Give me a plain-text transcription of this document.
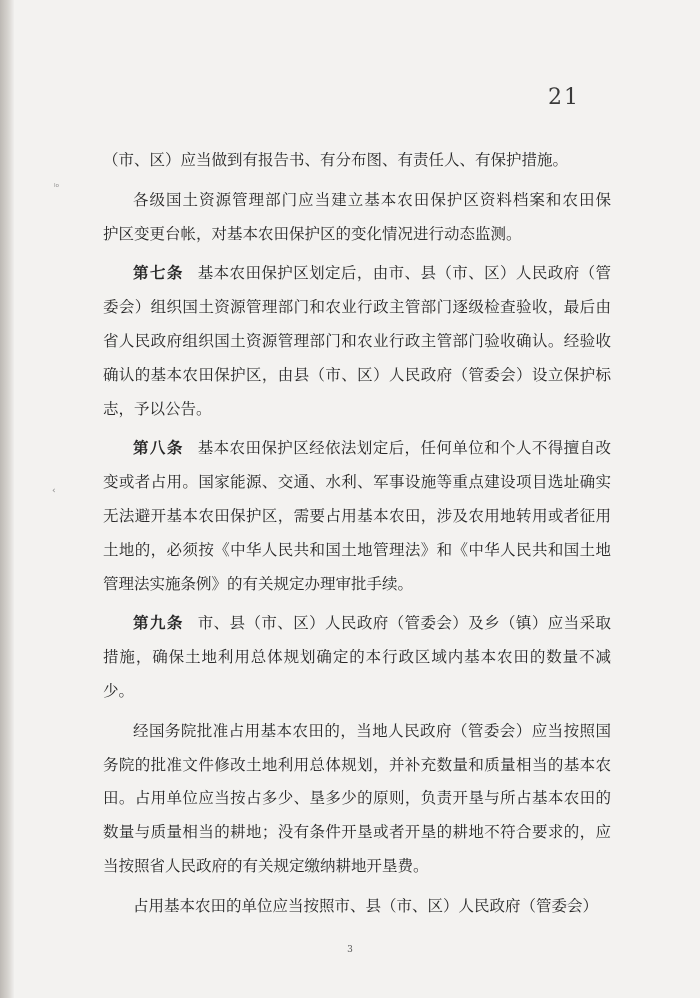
ₗₒ
‹
21
（市、区）应当做到有报告书、有分布图、有责任人、有保护措施。
各级国土资源管理部门应当建立基本农田保护区资料档案和农田保
护区变更台帐，对基本农田保护区的变化情况进行动态监测。
第七条 基本农田保护区划定后，由市、县（市、区）人民政府（管
委会）组织国土资源管理部门和农业行政主管部门逐级检查验收，最后由
省人民政府组织国土资源管理部门和农业行政主管部门验收确认。经验收
确认的基本农田保护区，由县（市、区）人民政府（管委会）设立保护标
志，予以公告。
第八条 基本农田保护区经依法划定后，任何单位和个人不得擅自改
变或者占用。国家能源、交通、水利、军事设施等重点建设项目选址确实
无法避开基本农田保护区，需要占用基本农田，涉及农用地转用或者征用
土地的，必须按《中华人民共和国土地管理法》和《中华人民共和国土地
管理法实施条例》的有关规定办理审批手续。
第九条 市、县（市、区）人民政府（管委会）及乡（镇）应当采取
措施，确保土地利用总体规划确定的本行政区域内基本农田的数量不减
少。
经国务院批准占用基本农田的，当地人民政府（管委会）应当按照国
务院的批准文件修改土地利用总体规划，并补充数量和质量相当的基本农
田。占用单位应当按占多少、垦多少的原则，负责开垦与所占基本农田的
数量与质量相当的耕地；没有条件开垦或者开垦的耕地不符合要求的，应
当按照省人民政府的有关规定缴纳耕地开垦费。
占用基本农田的单位应当按照市、县（市、区）人民政府（管委会）
3
